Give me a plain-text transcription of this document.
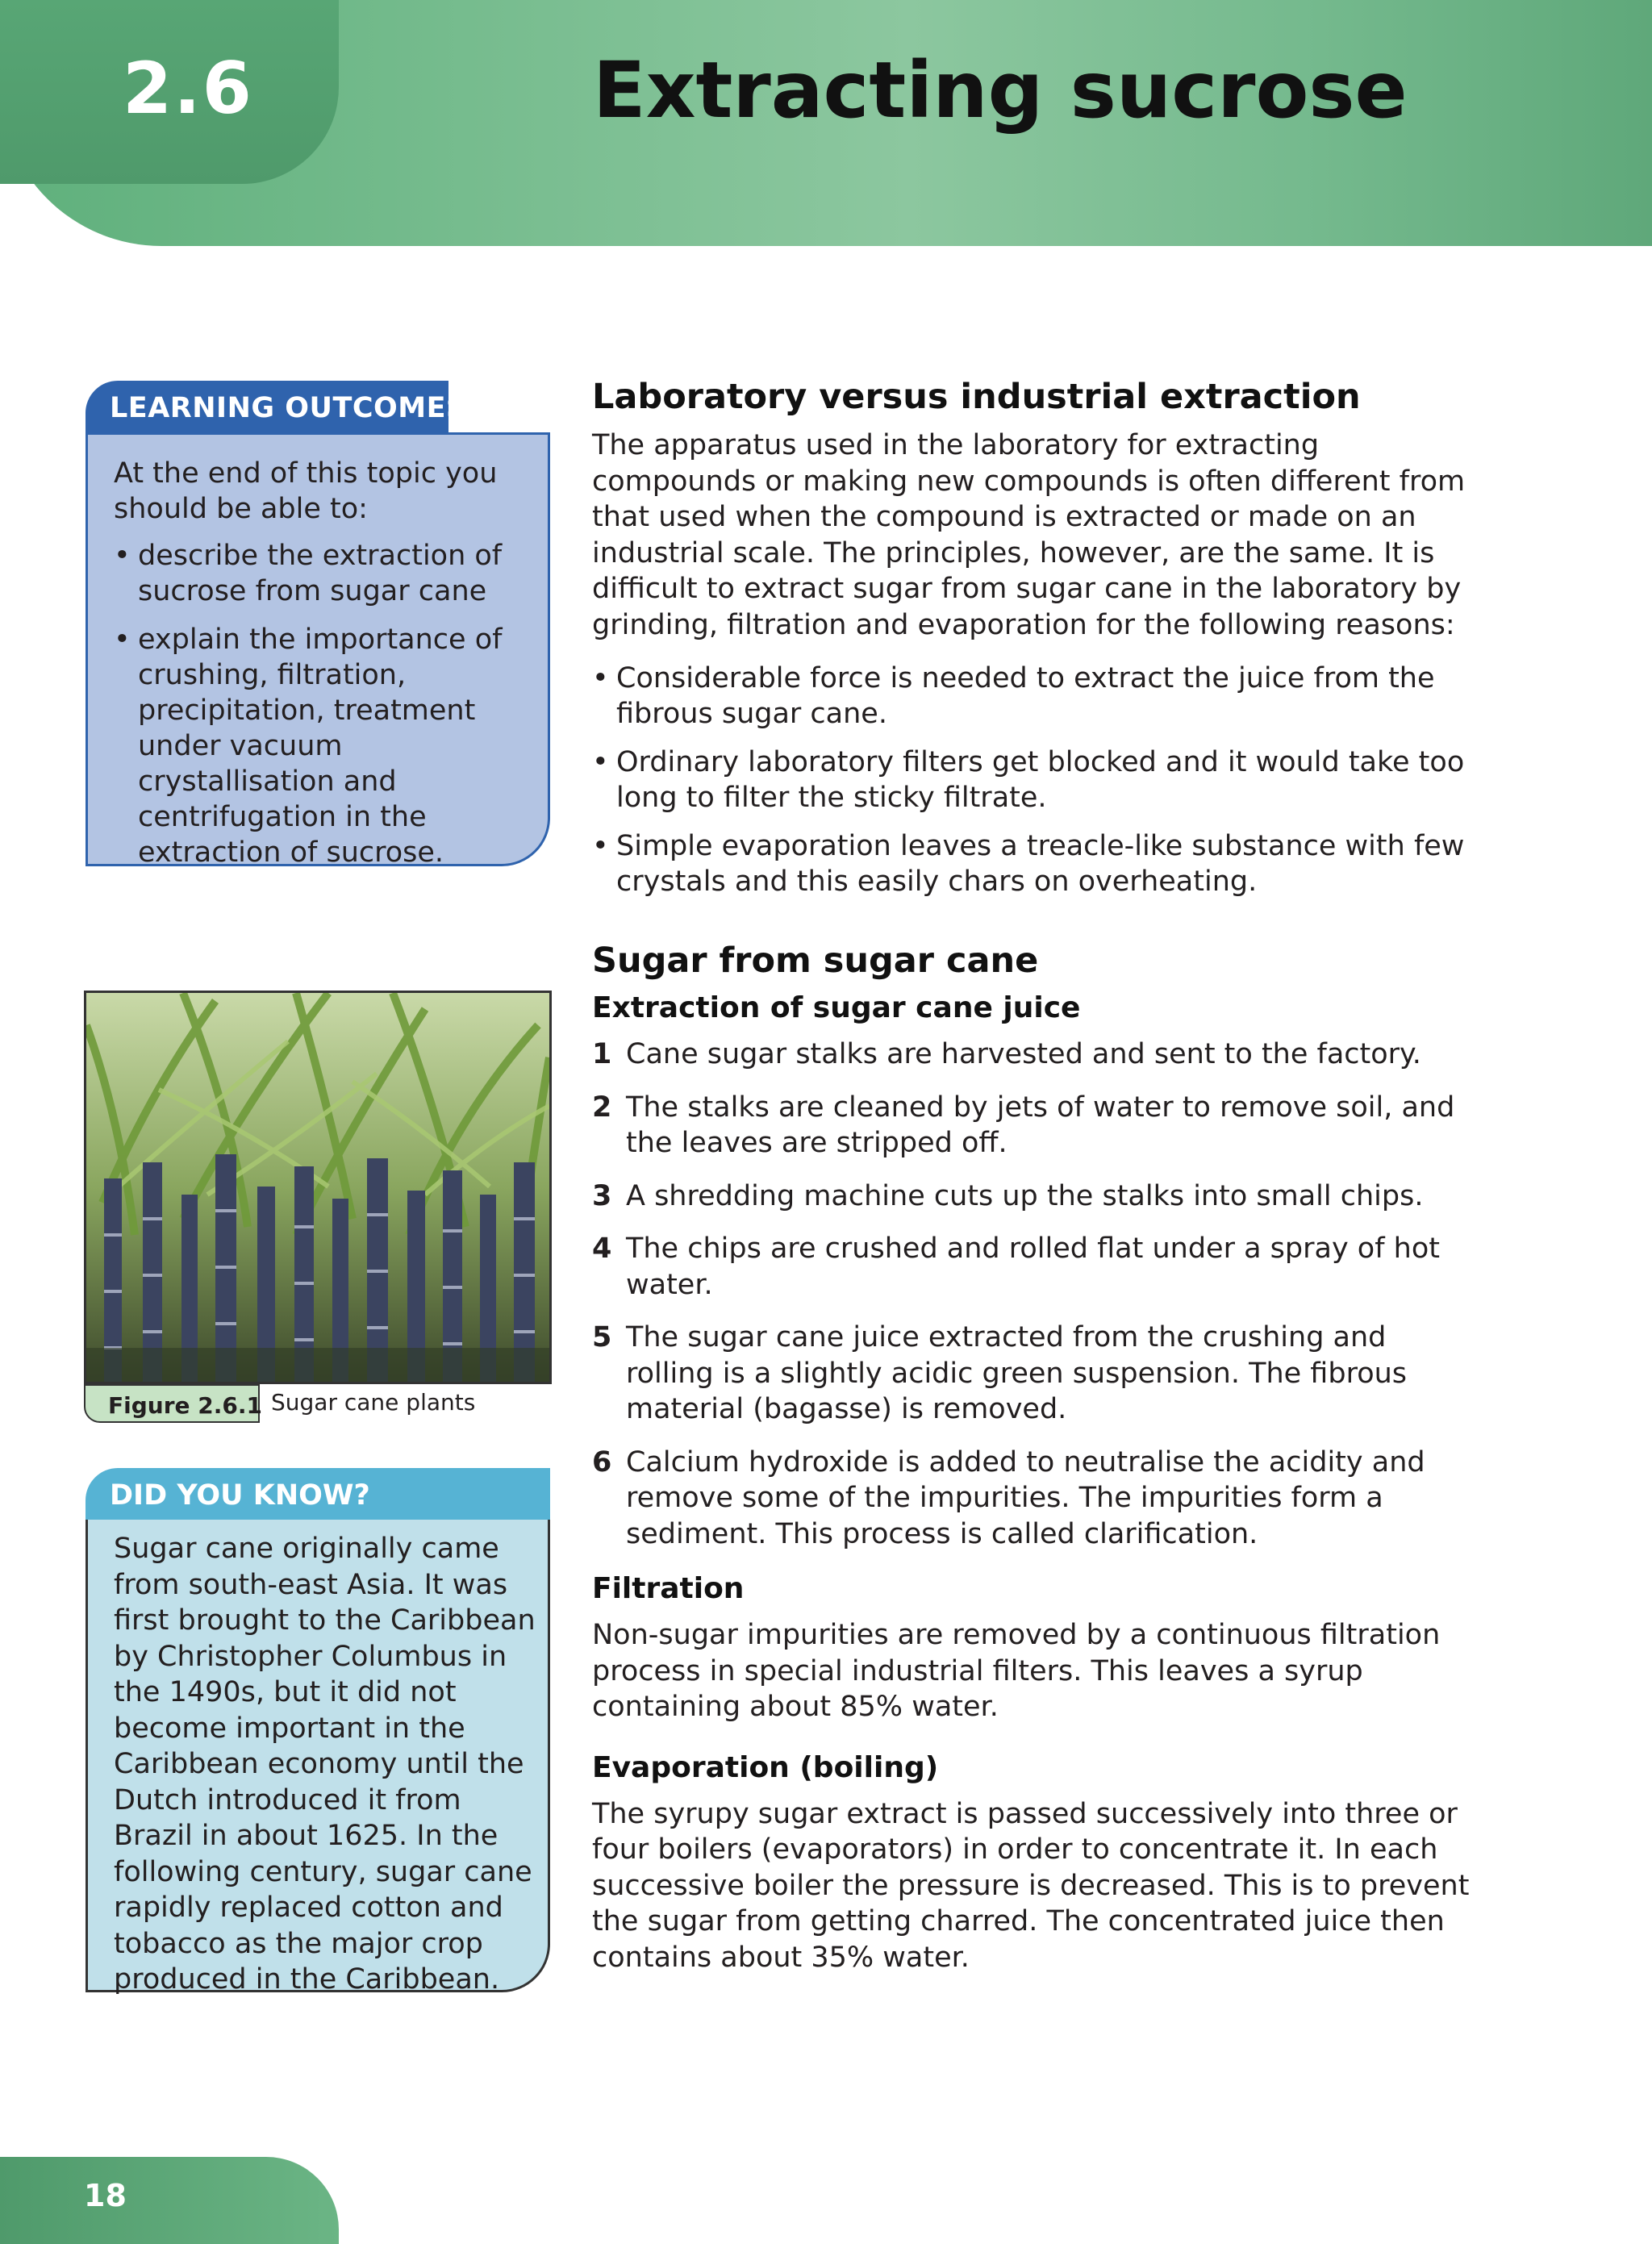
2.6	Extracting sucrose
LEARNING OUTCOMES

At the end of this topic you should be able to:

• describe the extraction of sucrose from sugar cane
• explain the importance of crushing, filtration, precipitation, treatment under vacuum crystallisation and centrifugation in the extraction of sucrose.
Figure 2.6.1 Sugar cane plants
DID YOU KNOW?

Sugar cane originally came from south-east Asia. It was first brought to the Caribbean by Christopher Columbus in the 1490s, but it did not become important in the Caribbean economy until the Dutch introduced it from Brazil in about 1625. In the following century, sugar cane rapidly replaced cotton and tobacco as the major crop produced in the Caribbean.

Laboratory versus industrial extraction

The apparatus used in the laboratory for extracting compounds or making new compounds is often different from that used when the compound is extracted or made on an industrial scale. The principles, however, are the same. It is difficult to extract sugar from sugar cane in the laboratory by grinding, filtration and evaporation for the following reasons:

• Considerable force is needed to extract the juice from the fibrous sugar cane.
• Ordinary laboratory filters get blocked and it would take too long to filter the sticky filtrate.
• Simple evaporation leaves a treacle-like substance with few crystals and this easily chars on overheating.
Sugar from sugar cane
Extraction of sugar cane juice
1 Cane sugar stalks are harvested and sent to the factory.
2 The stalks are cleaned by jets of water to remove soil, and the leaves are stripped off.
3 A shredding machine cuts up the stalks into small chips.
4 The chips are crushed and rolled flat under a spray of hot water.
5 The sugar cane juice extracted from the crushing and rolling is a slightly acidic green suspension. The fibrous material (bagasse) is removed.
6 Calcium hydroxide is added to neutralise the acidity and remove some of the impurities. The impurities form a sediment. This process is called clarification.
Filtration

Non-sugar impurities are removed by a continuous filtration process in special industrial filters. This leaves a syrup containing about 85% water.

Evaporation (boiling)

The syrupy sugar extract is passed successively into three or four boilers (evaporators) in order to concentrate it. In each successive boiler the pressure is decreased. This is to prevent the sugar from getting charred. The concentrated juice then contains about 35% water.

18
